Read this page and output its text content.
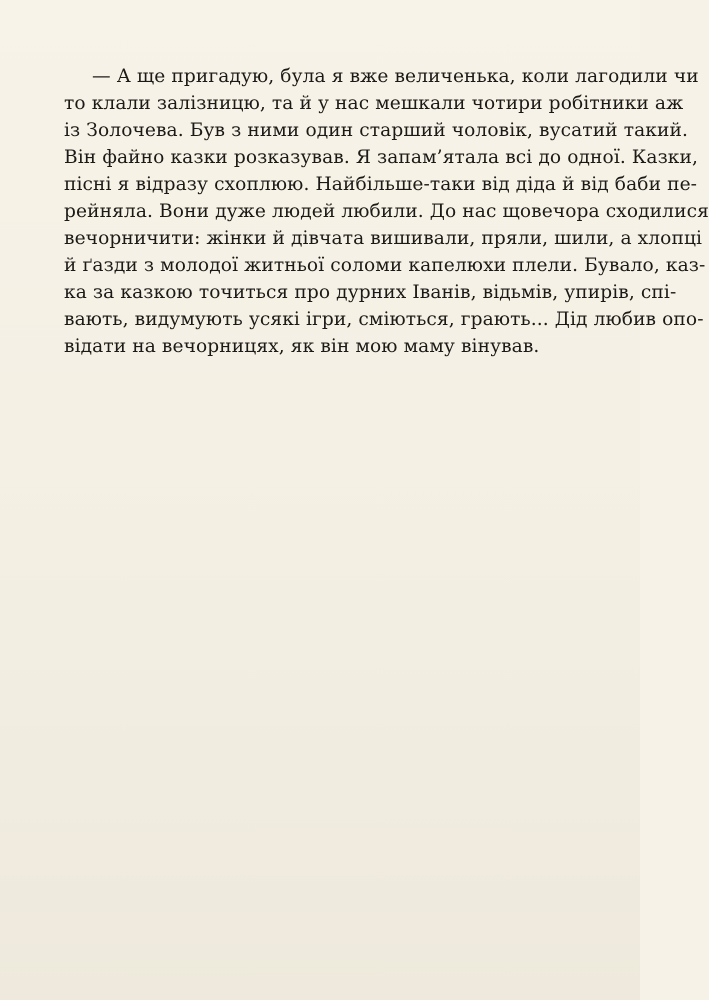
— А ще пригадую, була я вже величенька, коли лагодили чи
то клали залізницю, та й у нас мешкали чотири робітники аж
із Золочева. Був з ними один старший чоловік, вусатий такий.
Він файно казки розказував. Я запам’ятала всі до одної. Казки,
пісні я відразу схоплюю. Найбільше-таки від діда й від баби пе-
рейняла. Вони дуже людей любили. До нас щовечора сходилися
вечорничити: жінки й дівчата вишивали, пряли, шили, а хлопці
й ґазди з молодої житньої соломи капелюхи плели. Бувало, каз-
ка за казкою точиться про дурних Іванів, відьмів, упирів, спі-
вають, видумують усякі ігри, сміються, грають... Дід любив опо-
відати на вечорницях, як він мою маму вінував.
